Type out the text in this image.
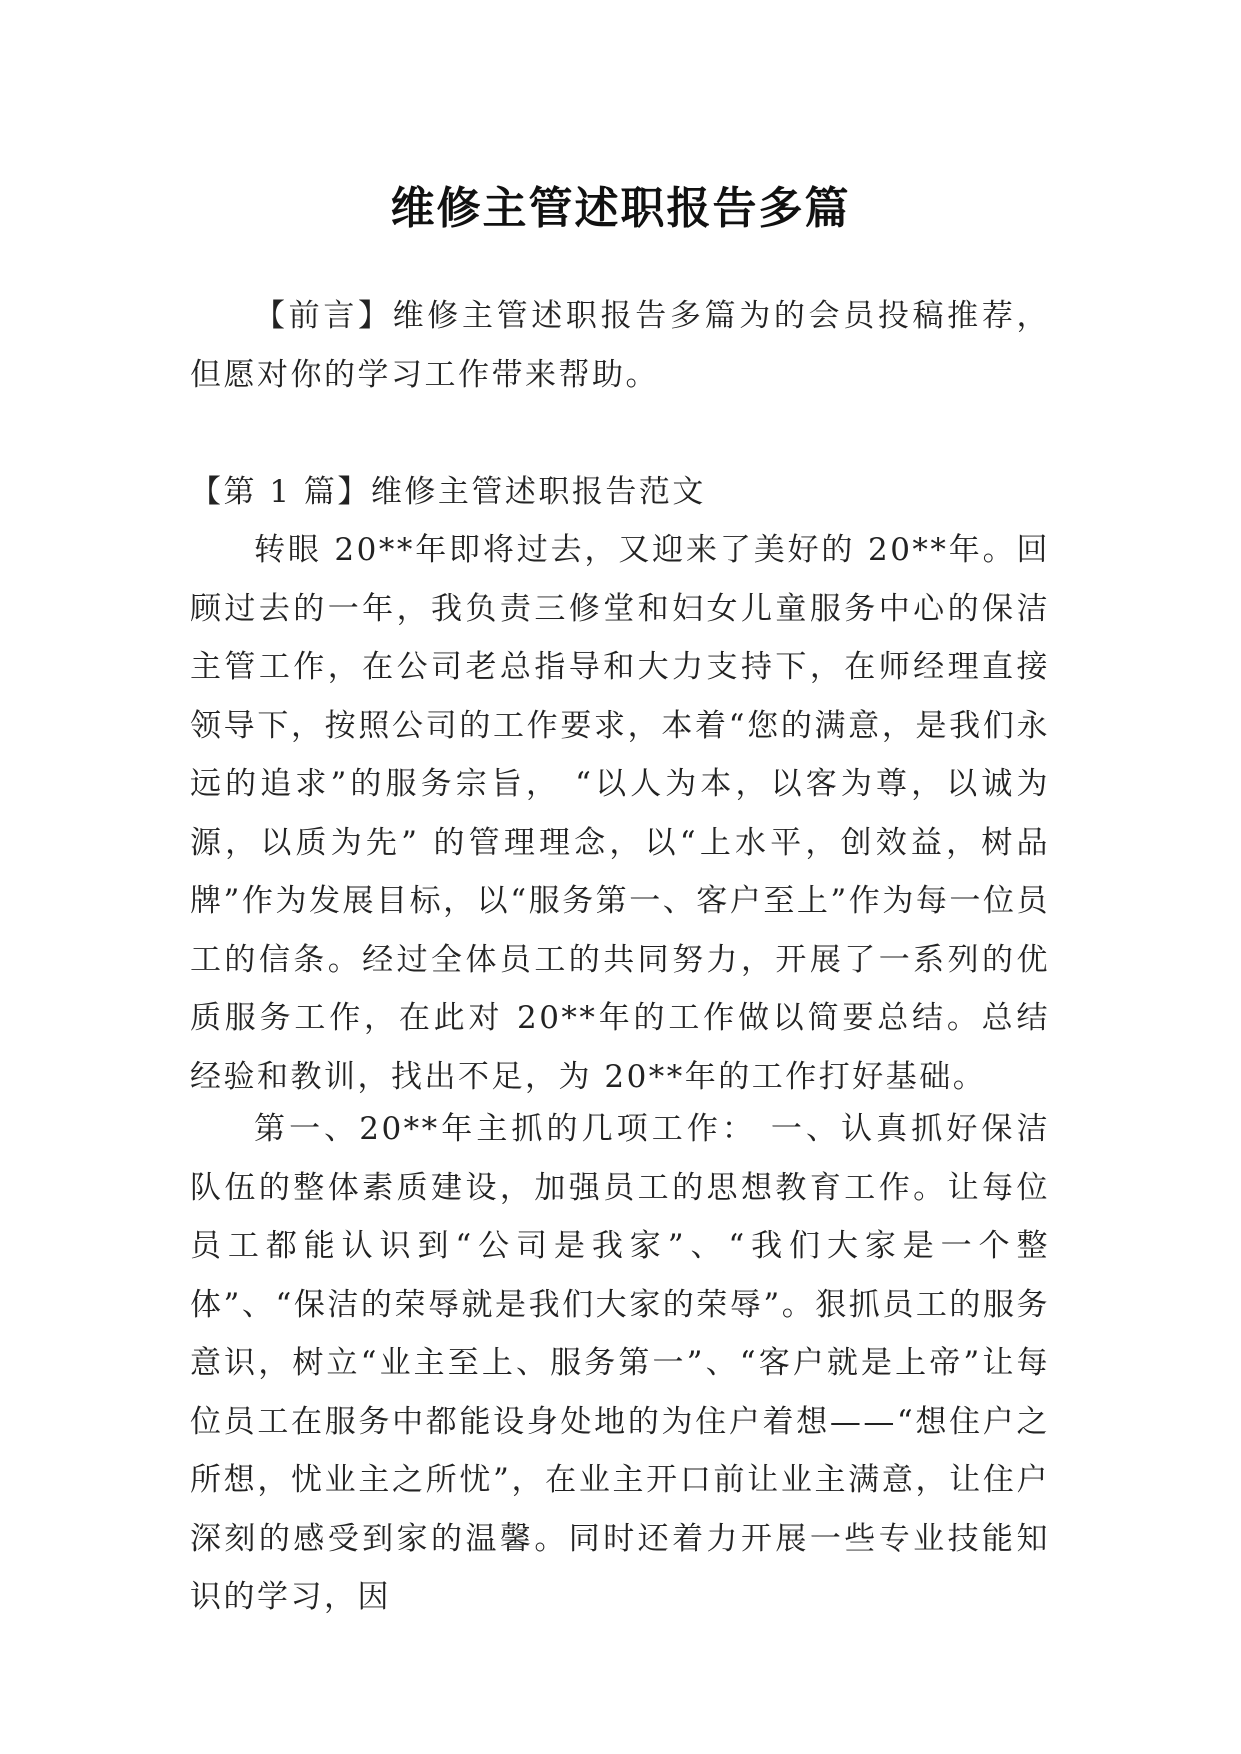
维修主管述职报告多篇

【前言】维修主管述职报告多篇为的会员投稿推荐，但愿对你的学习工作带来帮助。

【第 1 篇】维修主管述职报告范文

转眼 20**年即将过去，又迎来了美好的 20**年。回顾过去的一年，我负责三修堂和妇女儿童服务中心的保洁主管工作，在公司老总指导和大力支持下，在师经理直接领导下，按照公司的工作要求，本着“您的满意，是我们永远的追求”的服务宗旨， “以人为本，以客为尊，以诚为源，以质为先” 的管理理念，以“上水平，创效益，树品牌”作为发展目标，以“服务第一、客户至上”作为每一位员工的信条。经过全体员工的共同努力，开展了一系列的优质服务工作，在此对 20**年的工作做以简要总结。总结经验和教训，找出不足，为 20**年的工作打好基础。

第一、20**年主抓的几项工作： 一、认真抓好保洁队伍的整体素质建设，加强员工的思想教育工作。让每位员工都能认识到“公司是我家”、“我们大家是一个整体”、“保洁的荣辱就是我们大家的荣辱”。狠抓员工的服务意识，树立“业主至上、服务第一”、“客户就是上帝”让每位员工在服务中都能设身处地的为住户着想——“想住户之所想，忧业主之所忧”，在业主开口前让业主满意，让住户深刻的感受到家的温馨。同时还着力开展一些专业技能知识的学习，因
